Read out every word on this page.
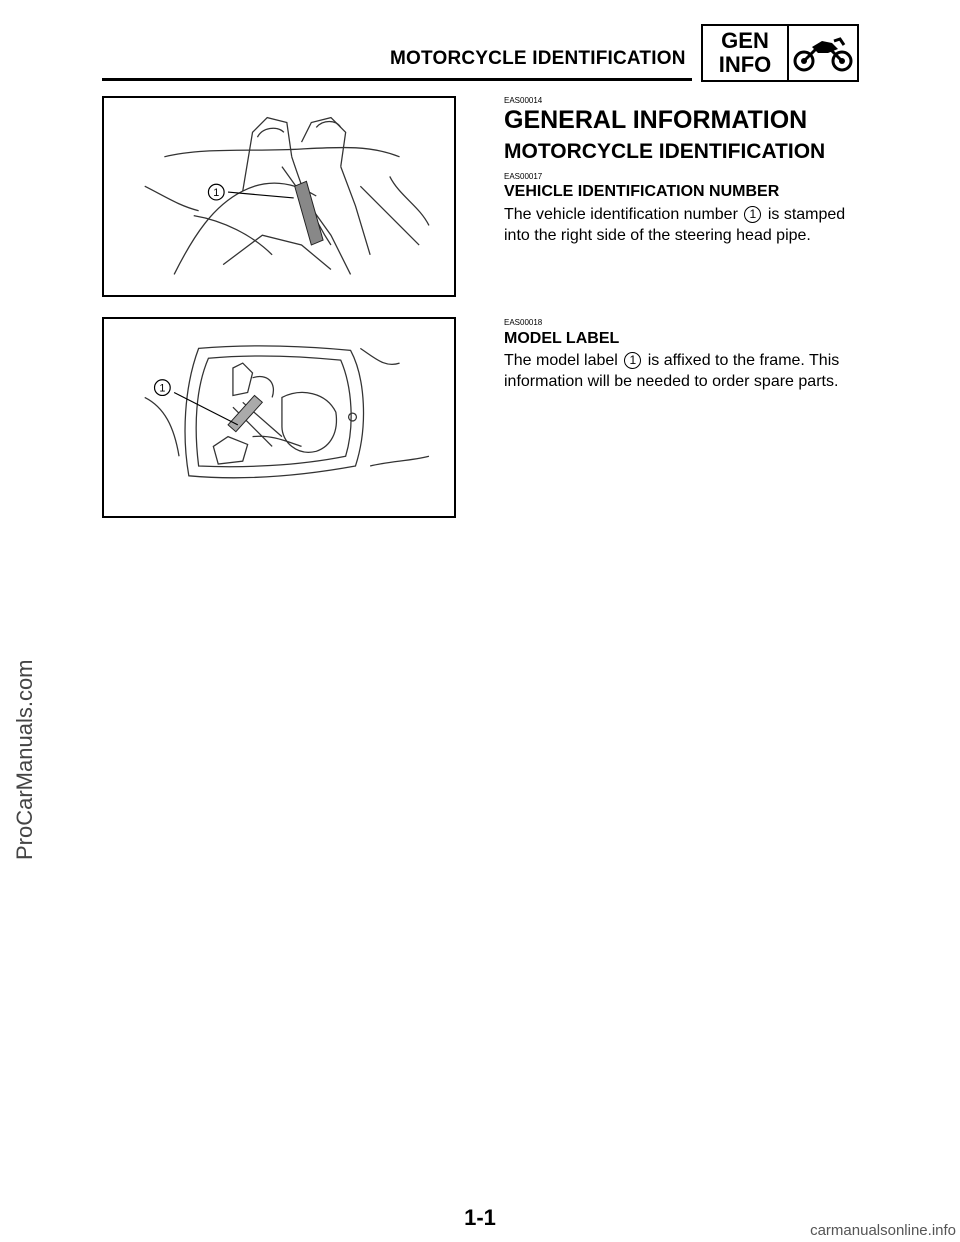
MOTORCYCLE IDENTIFICATION
GEN
INFO
1
1
EAS00014
GENERAL INFORMATION
MOTORCYCLE IDENTIFICATION
EAS00017
VEHICLE IDENTIFICATION NUMBER
The vehicle identification number 1 is stamped into the right side of the steering head pipe.
EAS00018
MODEL LABEL
The model label 1 is affixed to the frame. This information will be needed to order spare parts.
ProCarManuals.com
1-1
carmanualsonline.info
